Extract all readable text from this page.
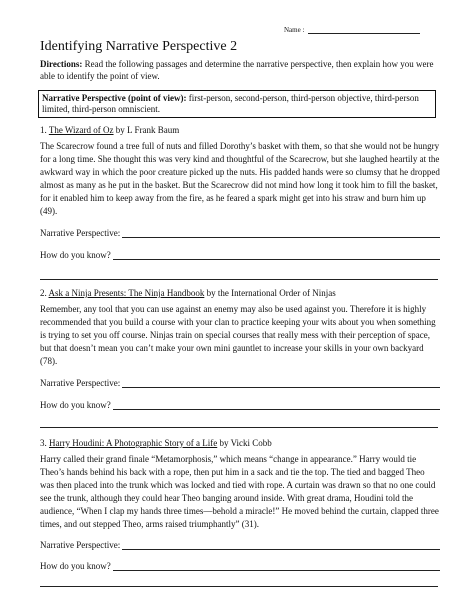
Name :
Identifying Narrative Perspective 2

Directions: Read the following passages and determine the narrative perspective, then explain how you were able to identify the point of view.

Narrative Perspective (point of view): first-person, second-person, third-person objective, third-person limited, third-person omniscient.

1. The Wizard of Oz by L Frank Baum

The Scarecrow found a tree full of nuts and filled Dorothy’s basket with them, so that she would not be hungry for a long time. She thought this was very kind and thoughtful of the Scarecrow, but she laughed heartily at the awkward way in which the poor creature picked up the nuts. His padded hands were so clumsy that he dropped almost as many as he put in the basket. But the Scarecrow did not mind how long it took him to fill the basket, for it enabled him to keep away from the fire, as he feared a spark might get into his straw and burn him up (49).

Narrative Perspective:
How do you know?

2. Ask a Ninja Presents: The Ninja Handbook by the International Order of Ninjas

Remember, any tool that you can use against an enemy may also be used against you. Therefore it is highly recommended that you build a course with your clan to practice keeping your wits about you when something is trying to set you off course. Ninjas train on special courses that really mess with their perception of space, but that doesn’t mean you can’t make your own mini gauntlet to increase your skills in your own backyard (78).

Narrative Perspective:
How do you know?

3. Harry Houdini: A Photographic Story of a Life by Vicki Cobb

Harry called their grand finale “Metamorphosis,” which means “change in appearance.” Harry would tie Theo’s hands behind his back with a rope, then put him in a sack and tie the top. The tied and bagged Theo was then placed into the trunk which was locked and tied with rope. A curtain was drawn so that no one could see the trunk, although they could hear Theo banging around inside. With great drama, Houdini told the audience, “When I clap my hands three times—behold a miracle!” He moved behind the curtain, clapped three times, and out stepped Theo, arms raised triumphantly” (31).

Narrative Perspective:
How do you know?
